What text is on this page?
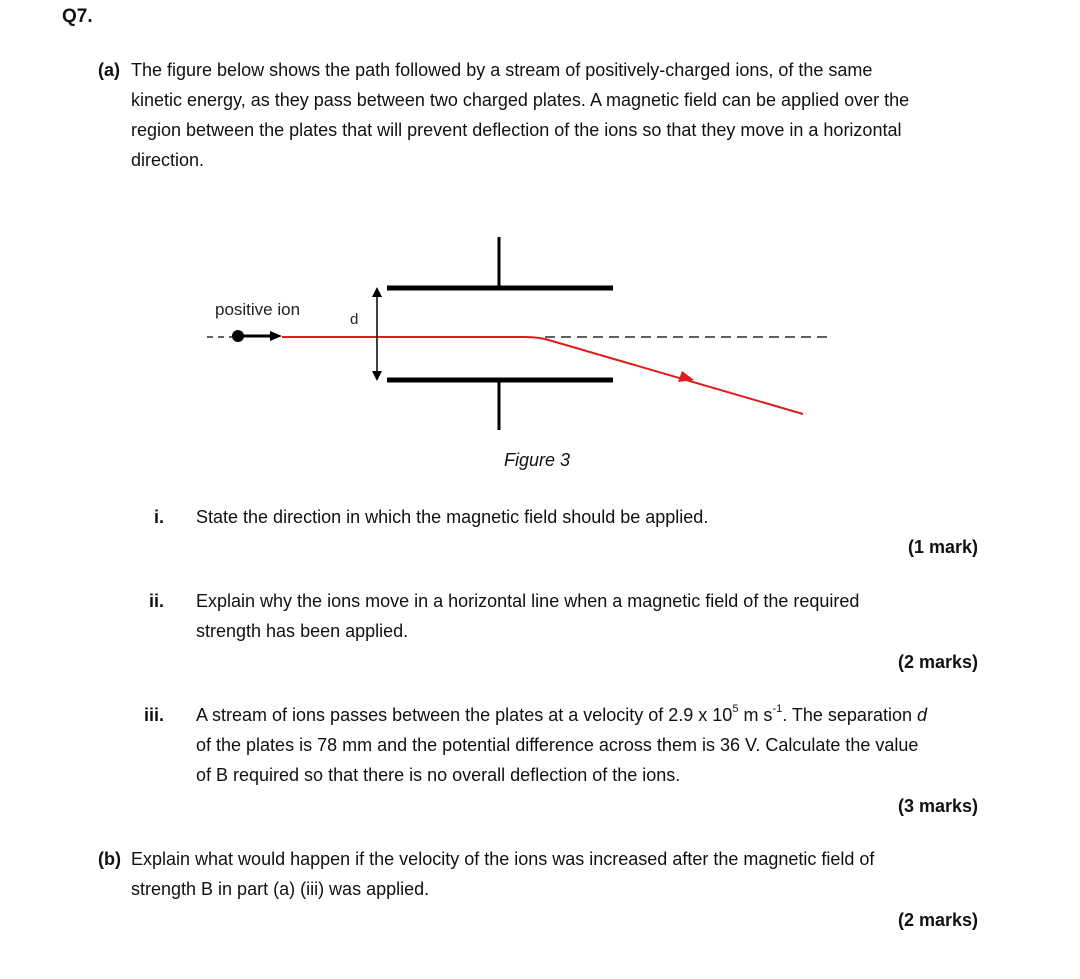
Q7.
(a) The figure below shows the path followed by a stream of positively-charged ions, of the same
kinetic energy, as they pass between two charged plates. A magnetic field can be applied over the
region between the plates that will prevent deflection of the ions so that they move in a horizontal
direction.
positive ion
d
Figure 3
i. State the direction in which the magnetic field should be applied.
(1 mark)
ii. Explain why the ions move in a horizontal line when a magnetic field of the required
strength has been applied.
(2 marks)
iii. A stream of ions passes between the plates at a velocity of 2.9 x $10^5$ m $s^{-1}$. The separation d
of the plates is 78 mm and the potential difference across them is 36 V. Calculate the value
of B required so that there is no overall deflection of the ions.
(3 marks)
(b) Explain what would happen if the velocity of the ions was increased after the magnetic field of
strength B in part (a) (iii) was applied.
(2 marks)
